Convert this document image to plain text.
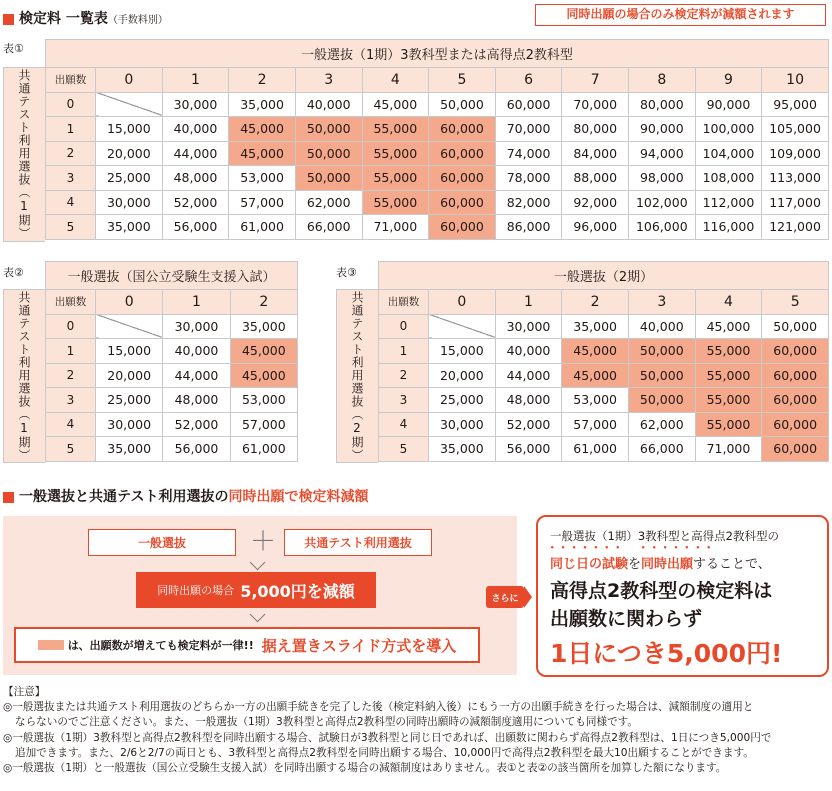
検定料 一覧表（手数料別）	同時出願の場合のみ検定料が減額されます
表①
共通テスト利用選抜（1期）
一般選抜（1期）3教科型または高得点2教科型											
出願数	0	1	2	3	4	5	6	7	8	9	10
0		30,000	35,000	40,000	45,000	50,000	60,000	70,000	80,000	90,000	95,000
1	15,000	40,000	45,000	50,000	55,000	60,000	70,000	80,000	90,000	100,000	105,000
2	20,000	44,000	45,000	50,000	55,000	60,000	74,000	84,000	94,000	104,000	109,000
3	25,000	48,000	53,000	50,000	55,000	60,000	78,000	88,000	98,000	108,000	113,000
4	30,000	52,000	57,000	62,000	55,000	60,000	82,000	92,000	102,000	112,000	117,000
5	35,000	56,000	61,000	66,000	71,000	60,000	86,000	96,000	106,000	116,000	121,000
表②
共通テスト利用選抜（1期）
一般選抜（国公立受験生支援入試）			
出願数	0	1	2
0		30,000	35,000
1	15,000	40,000	45,000
2	20,000	44,000	45,000
3	25,000	48,000	53,000
4	30,000	52,000	57,000
5	35,000	56,000	61,000
表③
共通テスト利用選抜（2期）
一般選抜（2期）						
出願数	0	1	2	3	4	5
0		30,000	35,000	40,000	45,000	50,000
1	15,000	40,000	45,000	50,000	55,000	60,000
2	20,000	44,000	45,000	50,000	55,000	60,000
3	25,000	48,000	53,000	50,000	55,000	60,000
4	30,000	52,000	57,000	62,000	55,000	60,000
5	35,000	56,000	61,000	66,000	71,000	60,000
一般選抜と共通テスト利用選抜の同時出願で検定料減額
一般選抜	＋	共通テスト利用選抜
同時出願の場合 5,000円を減額
は、出願数が増えても検定料が一律!! 据え置きスライド方式を導入
さらに
一般選抜（1期）3教科型と高得点2教科型の
• • • 同じ日の試験を• • • 同時出願することで、
高得点2教科型の検定料は
出願数に関わらず
1日につき5,000円!
【注意】
◎一般選抜または共通テスト利用選抜のどちらか一方の出願手続きを完了した後（検定料納入後）にもう一方の出願手続きを行った場合は、減額制度の適用と
ならないのでご注意ください。また、一般選抜（1期）3教科型と高得点2教科型の同時出願時の減額制度適用についても同様です。
◎一般選抜（1期）3教科型と高得点2教科型を同時出願する場合、試験日が3教科型と同じ日であれば、出願数に関わらず高得点2教科型は、1日につき5,000円で
追加できます。また、2/6と2/7の両日とも、3教科型と高得点2教科型を同時出願する場合、10,000円で高得点2教科型を最大10出願することができます。
◎一般選抜（1期）と一般選抜（国公立受験生支援入試）を同時出願する場合の減額制度はありません。表①と表②の該当箇所を加算した額になります。
